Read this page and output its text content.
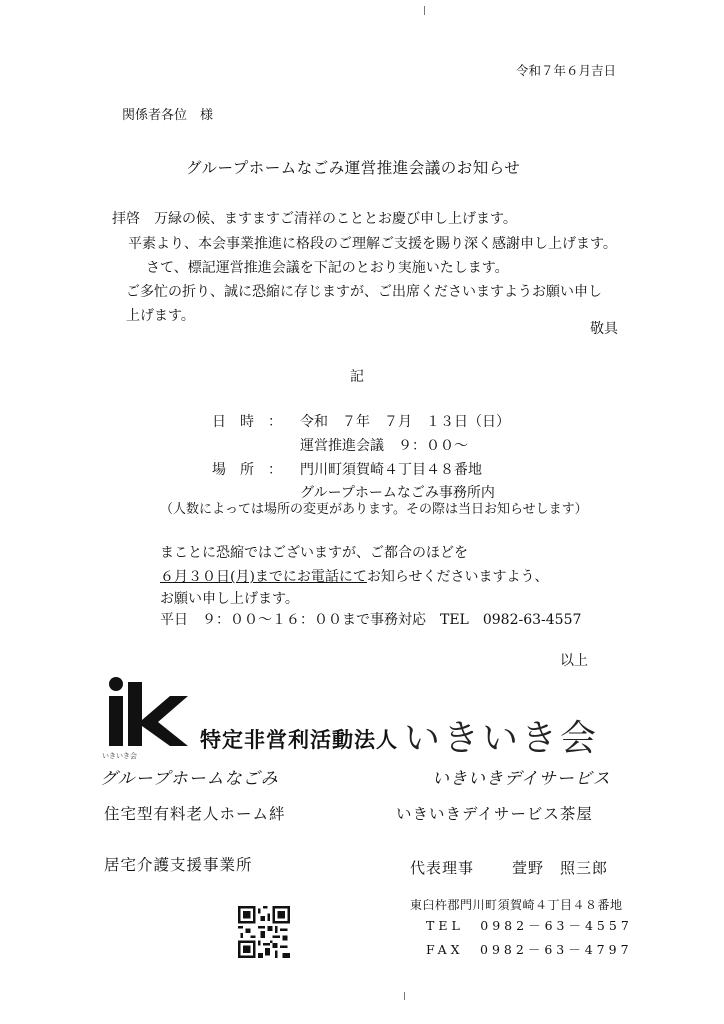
令和７年６月吉日
関係者各位　様
グループホームなごみ運営推進会議のお知らせ
拝啓　万緑の候、ますますご清祥のこととお慶び申し上げます。
平素より、本会事業推進に格段のご理解ご支援を賜り深く感謝申し上げます。
さて、標記運営推進会議を下記のとおり実施いたします。
ご多忙の折り、誠に恐縮に存じますが、ご出席くださいますようお願い申し
上げます。
敬具
記
日　時　： 令和　７年　７月　１３日（日）
運営推進会議　９：００～
場　所　： 門川町須賀崎４丁目４８番地
グループホームなごみ事務所内
（人数によっては場所の変更があります。その際は当日お知らせします）
まことに恐縮ではございますが、ご都合のほどを
６月３０日(月)までにお電話にてお知らせくださいますよう、
お願い申し上げます。
平日　９：００～１６：００まで事務対応　TEL　0982-63-4557
以上
いきいき会
特定非営利活動法人 いきいき会
グループホームなごみ	いきいきデイサービス
住宅型有料老人ホーム絆	いきいきデイサービス茶屋
居宅介護支援事業所	代表理事	萱野　照三郎
東臼杵郡門川町須賀崎４丁目４８番地
TEL　0982－63－4557
FAX　0982－63－4797
